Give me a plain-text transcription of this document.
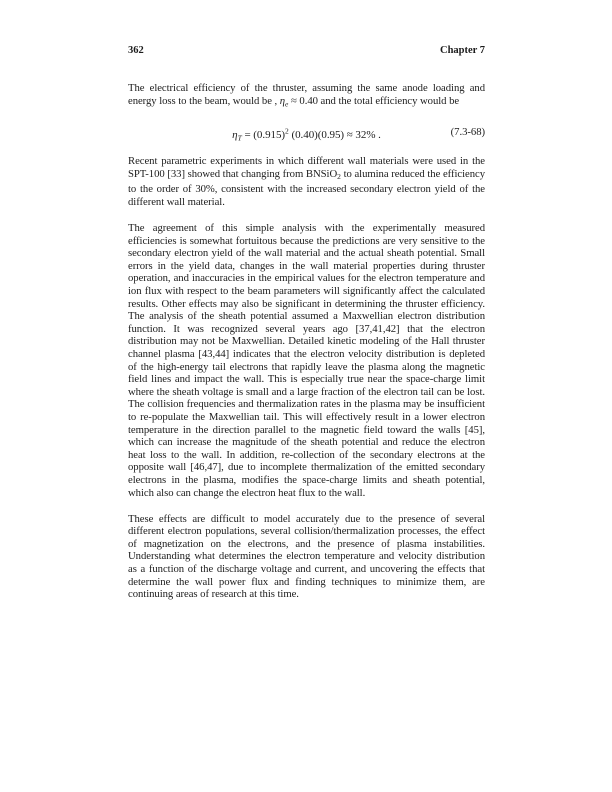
362	Chapter 7

The electrical efficiency of the thruster, assuming the same anode loading and energy loss to the beam, would be , $\eta_e \approx 0.40$ and the total efficiency would be

$\eta_T = (0.915)^2$ (0.40)(0.95) ≈ 32% .	(7.3-68)

Recent parametric experiments in which different wall materials were used in the SPT-100 [33] showed that changing from BNSiO$_2$ to alumina reduced the efficiency to the order of 30%, consistent with the increased secondary electron yield of the different wall material.

The agreement of this simple analysis with the experimentally measured efficiencies is somewhat fortuitous because the predictions are very sensitive to the secondary electron yield of the wall material and the actual sheath potential. Small errors in the yield data, changes in the wall material properties during thruster operation, and inaccuracies in the empirical values for the electron temperature and ion flux with respect to the beam parameters will significantly affect the calculated results. Other effects may also be significant in determining the thruster efficiency. The analysis of the sheath potential assumed a Maxwellian electron distribution function. It was recognized several years ago [37,41,42] that the electron distribution may not be Maxwellian. Detailed kinetic modeling of the Hall thruster channel plasma [43,44] indicates that the electron velocity distribution is depleted of the high-energy tail electrons that rapidly leave the plasma along the magnetic field lines and impact the wall. This is especially true near the space-charge limit where the sheath voltage is small and a large fraction of the electron tail can be lost. The collision frequencies and thermalization rates in the plasma may be insufficient to re-populate the Maxwellian tail. This will effectively result in a lower electron temperature in the direction parallel to the magnetic field toward the walls [45], which can increase the magnitude of the sheath potential and reduce the electron heat loss to the wall. In addition, re-collection of the secondary electrons at the opposite wall [46,47], due to incomplete thermalization of the emitted secondary electrons in the plasma, modifies the space-charge limits and sheath potential, which also can change the electron heat flux to the wall.

These effects are difficult to model accurately due to the presence of several different electron populations, several collision/thermalization processes, the effect of magnetization on the electrons, and the presence of plasma instabilities. Understanding what determines the electron temperature and velocity distribution as a function of the discharge voltage and current, and uncovering the effects that determine the wall power flux and finding techniques to minimize them, are continuing areas of research at this time.
